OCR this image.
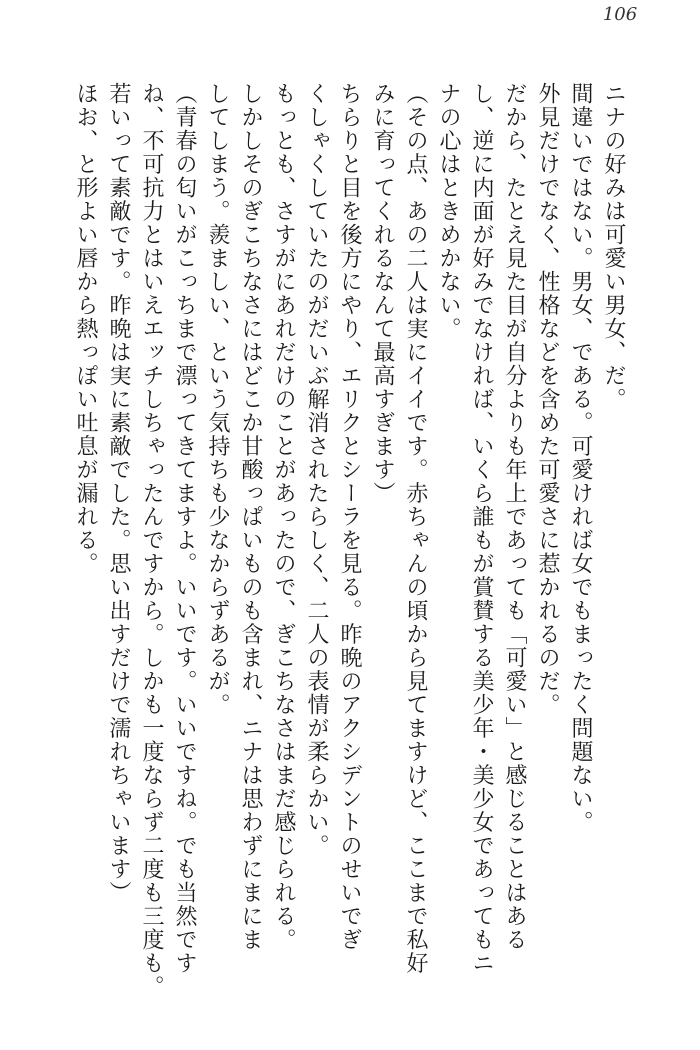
106
ニナの好みは可愛い男女、だ。
間違いではない。男女、である。可愛ければ女でもまったく問題ない。
外見だけでなく、性格などを含めた可愛さに惹かれるのだ。
だから、たとえ見た目が自分よりも年上であっても「可愛い」と感じることはある
し、逆に内面が好みでなければ、いくら誰もが賞賛する美少年・美少女であってもニ
ナの心はときめかない。
（その点、あの二人は実にイイです。赤ちゃんの頃から見てますけど、ここまで私好
みに育ってくれるなんて最高すぎます）
ちらりと目を後方にやり、エリクとシーラを見る。昨晩のアクシデントのせいでぎ
くしゃくしていたのがだいぶ解消されたらしく、二人の表情が柔らかい。
もっとも、さすがにあれだけのことがあったので、ぎこちなさはまだ感じられる。
しかしそのぎこちなさにはどこか甘酸っぱいものも含まれ、ニナは思わずにまにま
してしまう。羨ましい、という気持ちも少なからずあるが。
（青春の匂いがこっちまで漂ってきてますよ。いいです。いいですね。でも当然です
ね、不可抗力とはいえエッチしちゃったんですから。しかも一度ならず二度も三度も。
若いって素敵です。昨晩は実に素敵でした。思い出すだけで濡れちゃいます）
ほお、と形よい唇から熱っぽい吐息が漏れる。
